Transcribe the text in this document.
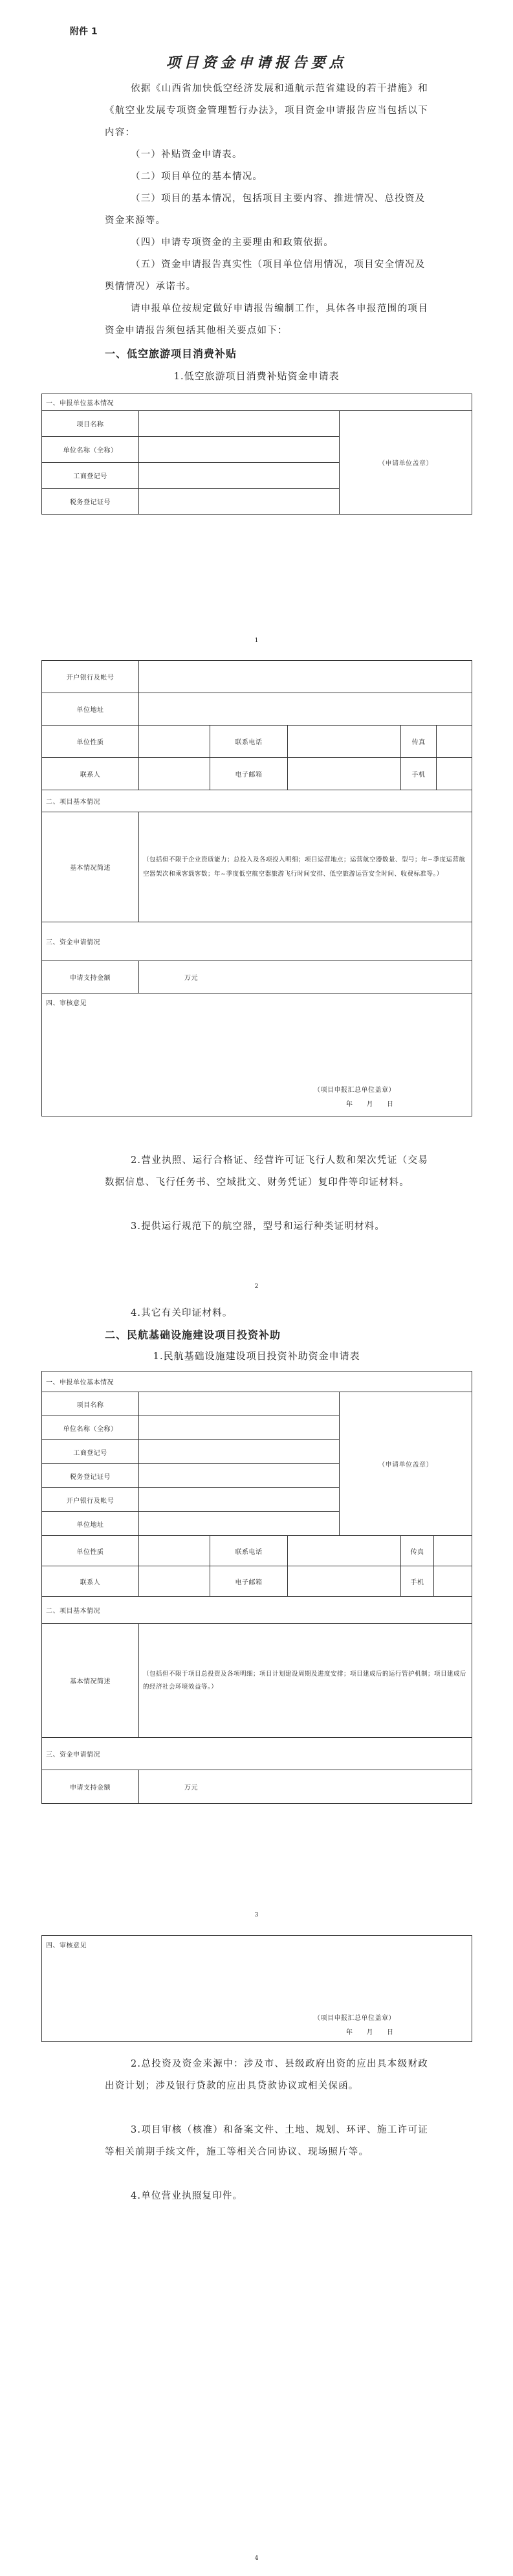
附件 1
项目资金申请报告要点
依据《山西省加快低空经济发展和通航示范省建设的若干措施》和《航空业发展专项资金管理暂行办法》，项目资金申请报告应当包括以下内容：
（一）补贴资金申请表。
（二）项目单位的基本情况。
（三）项目的基本情况，包括项目主要内容、推进情况、总投资及资金来源等。
（四）申请专项资金的主要理由和政策依据。
（五）资金申请报告真实性（项目单位信用情况，项目安全情况及舆情情况）承诺书。
请申报单位按规定做好申请报告编制工作，具体各申报范围的项目资金申请报告须包括其他相关要点如下：
一、低空旅游项目消费补贴
1.低空旅游项目消费补贴资金申请表
一、申报单位基本情况		
项目名称		（申请单位盖章）
单位名称（全称）		
工商登记号		
税务登记证号		
1
开户银行及帐号					
单位地址					
单位性质		联系电话		传真	
联系人		电子邮箱		手机	
二、项目基本情况					
基本情况简述	（包括但不限于企业资质能力；总投入及各项投入明细；项目运营地点；运营航空器数量、型号；年~季度运营航空器架次和乘客载客数；年~季度低空航空器旅游飞行时间安排、低空旅游运营安全时间、收费标准等。）				
三、资金申请情况					
申请支持金额	万元				
四、审核意见
（项目申报汇总单位盖章）
年　　月　　日					
2.营业执照、运行合格证、经营许可证飞行人数和架次凭证（交易数据信息、飞行任务书、空域批文、财务凭证）复印件等印证材料。
3.提供运行规范下的航空器，型号和运行种类证明材料。
2
4.其它有关印证材料。
二、民航基础设施建设项目投资补助
1.民航基础设施建设项目投资补助资金申请表
一、申报单位基本情况					
项目名称				（申请单位盖章）	
单位名称（全称）					
工商登记号					
税务登记证号					
开户银行及帐号					
单位地址					
单位性质		联系电话			传真

联系人		电子邮箱			手机

二、项目基本情况					
基本情况简述	（包括但不限于项目总投资及各项明细；项目计划建设周期及进度安排；项目建成后的运行管护机制；项目建成后的经济社会环境效益等。）				
三、资金申请情况					
申请支持金额	万元				
3
四、审核意见
（项目申报汇总单位盖章）
年　　月　　日
2.总投资及资金来源中：涉及市、县级政府出资的应出具本级财政出资计划；涉及银行贷款的应出具贷款协议或相关保函。
3.项目审核（核准）和备案文件、土地、规划、环评、施工许可证等相关前期手续文件，施工等相关合同协议、现场照片等。
4.单位营业执照复印件。
4
